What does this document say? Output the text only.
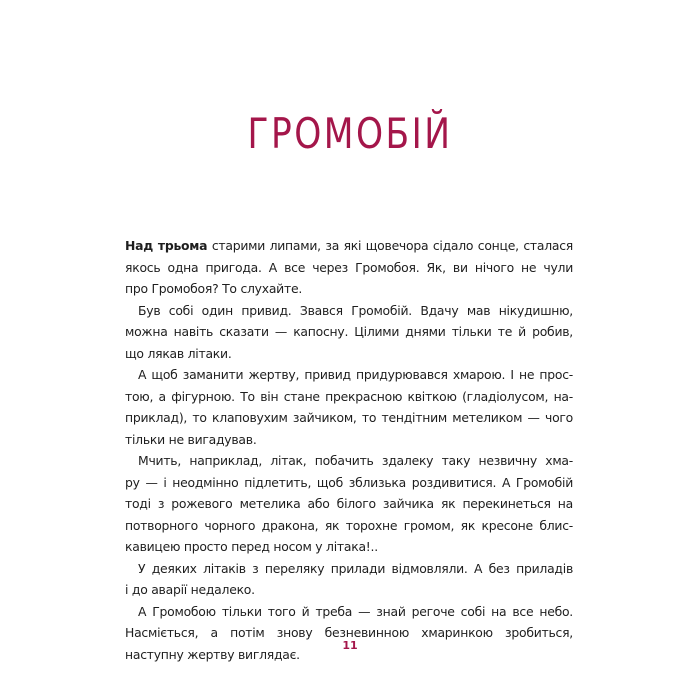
ГРОМОБІЙ
Над трьома старими липами, за які щовечора сідало сонце, сталася
якось одна пригода. А все через Громобоя. Як, ви нічого не чули
про Громобоя? То слухайте.
Був собі один привид. Звався Громобій. Вдачу мав нікудишню,
можна навіть сказати — капосну. Цілими днями тільки те й робив,
що лякав літаки.
А щоб заманити жертву, привид придурювався хмарою. І не прос-
тою, а фігурною. То він стане прекрасною квіткою (гладіолусом, на-
приклад), то клаповухим зайчиком, то тендітним метеликом — чого
тільки не вигадував.
Мчить, наприклад, літак, побачить здалеку таку незвичну хма-
ру — і неодмінно підлетить, щоб зблизька роздивитися. А Громобій
тоді з рожевого метелика або білого зайчика як перекинеться на
потворного чорного дракона, як торохне громом, як кресоне блис-
кавицею просто перед носом у літака!..
У деяких літаків з переляку прилади відмовляли. А без приладів
і до аварії недалеко.
А Громобою тільки того й треба — знай регоче собі на все небо.
Насміється, а потім знову безневинною хмаринкою зробиться,
наступну жертву виглядає.
11
